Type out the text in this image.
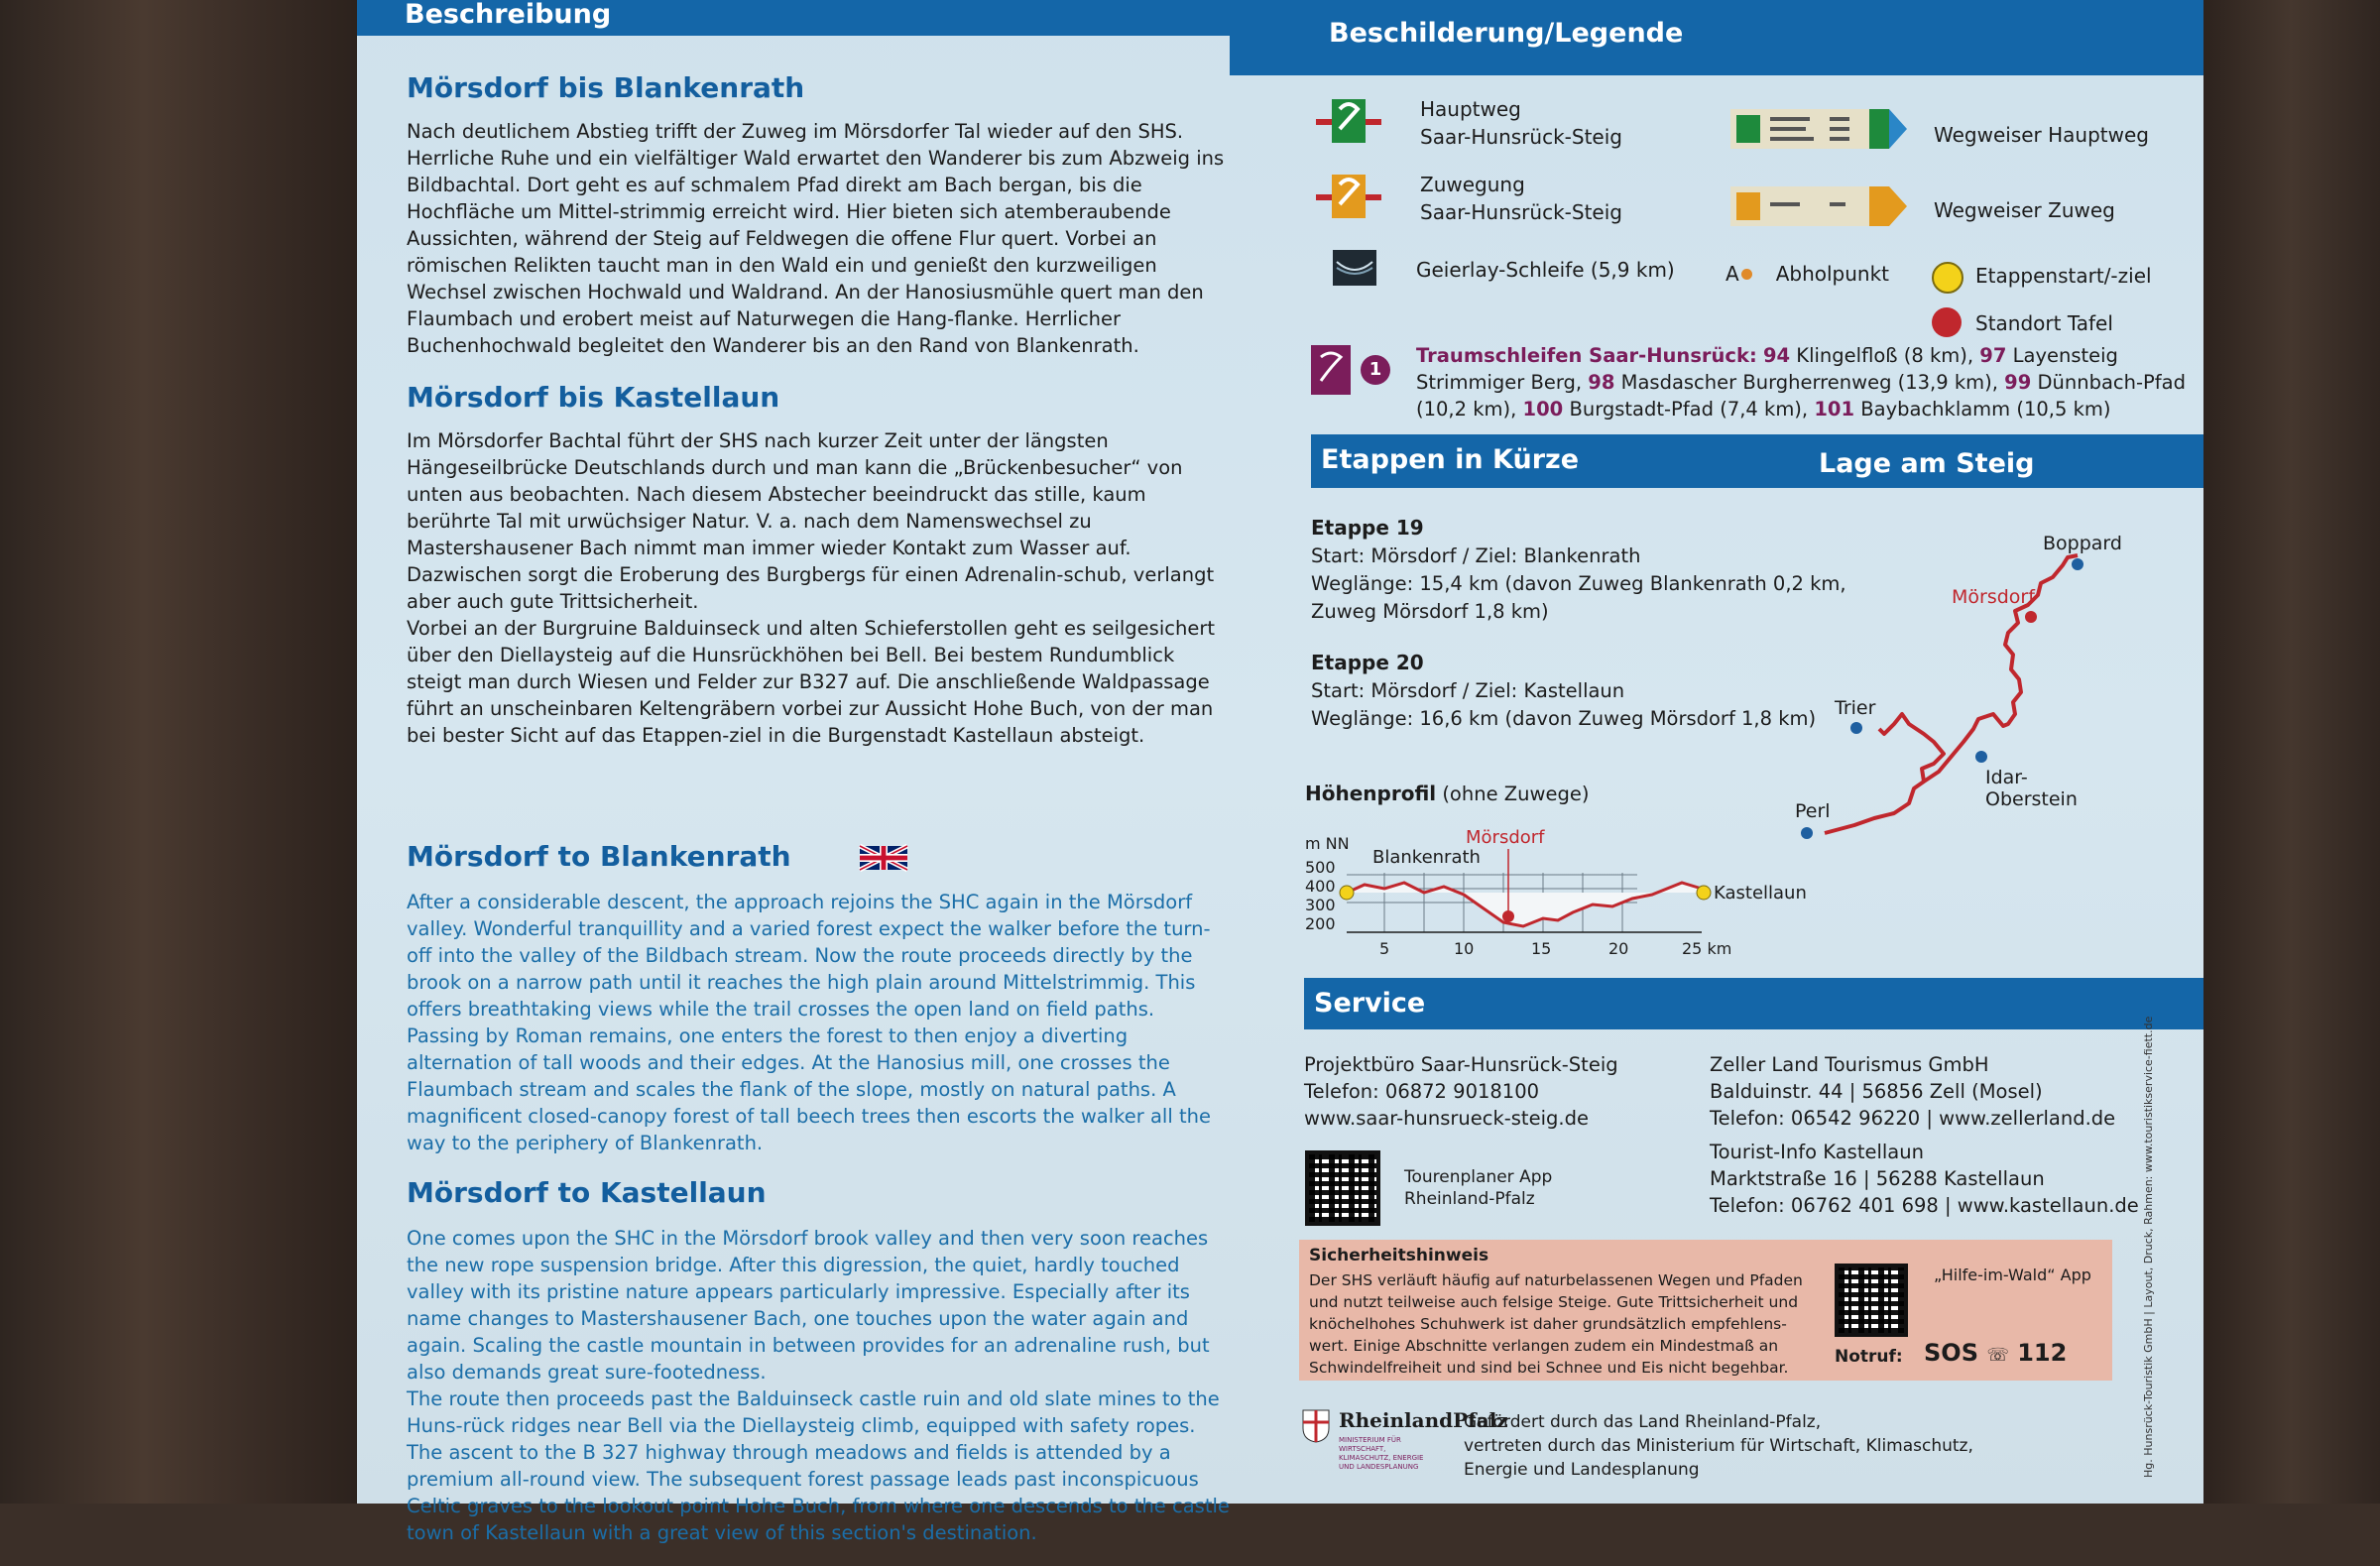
Beschreibung
Beschilderung/Legende
Mörsdorf bis Blankenrath

Nach deutlichem Abstieg trifft der Zuweg im Mörsdorfer Tal wieder auf den SHS. Herrliche Ruhe und ein vielfältiger Wald erwartet den Wanderer bis zum Abzweig ins Bildbachtal. Dort geht es auf schmalem Pfad direkt am Bach bergan, bis die Hochfläche um Mittel-strimmig erreicht wird. Hier bieten sich atemberaubende Aussichten, während der Steig auf Feldwegen die offene Flur quert. Vorbei an römischen Relikten taucht man in den Wald ein und genießt den kurzweiligen Wechsel zwischen Hochwald und Waldrand. An der Hanosiusmühle quert man den Flaumbach und erobert meist auf Naturwegen die Hang-flanke. Herrlicher Buchenhochwald begleitet den Wanderer bis an den Rand von Blankenrath.

Mörsdorf bis Kastellaun

Im Mörsdorfer Bachtal führt der SHS nach kurzer Zeit unter der längsten Hängeseilbrücke Deutschlands durch und man kann die „Brückenbesucher“ von unten aus beobachten. Nach diesem Abstecher beeindruckt das stille, kaum berührte Tal mit urwüchsiger Natur. V. a. nach dem Namenswechsel zu Mastershausener Bach nimmt man immer wieder Kontakt zum Wasser auf. Dazwischen sorgt die Eroberung des Burgbergs für einen Adrenalin-schub, verlangt aber auch gute Trittsicherheit.

Vorbei an der Burgruine Balduinseck und alten Schieferstollen geht es seilgesichert über den Diellaysteig auf die Hunsrückhöhen bei Bell. Bei bestem Rundumblick steigt man durch Wiesen und Felder zur B327 auf. Die anschließende Waldpassage führt an unscheinbaren Keltengräbern vorbei zur Aussicht Hohe Buch, von der man bei bester Sicht auf das Etappen-ziel in die Burgenstadt Kastellaun absteigt.

Mörsdorf to Blankenrath

After a considerable descent, the approach rejoins the SHC again in the Mörsdorf valley. Wonderful tranquillity and a varied forest expect the walker before the turn-off into the valley of the Bildbach stream. Now the route proceeds directly by the brook on a narrow path until it reaches the high plain around Mittelstrimmig. This offers breathtaking views while the trail crosses the open land on field paths. Passing by Roman remains, one enters the forest to then enjoy a diverting alternation of tall woods and their edges. At the Hanosius mill, one crosses the Flaumbach stream and scales the flank of the slope, mostly on natural paths. A magnificent closed-canopy forest of tall beech trees then escorts the walker all the way to the periphery of Blankenrath.

Mörsdorf to Kastellaun

One comes upon the SHC in the Mörsdorf brook valley and then very soon reaches the new rope suspension bridge. After this digression, the quiet, hardly touched valley with its pristine nature appears particularly impressive. Especially after its name changes to Mastershausener Bach, one touches upon the water again and again. Scaling the castle mountain in between provides for an adrenaline rush, but also demands great sure-footedness.

The route then proceeds past the Balduinseck castle ruin and old slate mines to the Huns-rück ridges near Bell via the Diellaysteig climb, equipped with safety ropes. The ascent to the B 327 highway through meadows and fields is attended by a premium all-round view. The subsequent forest passage leads past inconspicuous Celtic graves to the lookout point Hohe Buch, from where one descends to the castle town of Kastellaun with a great view of this section's destination.

Hauptweg
Saar-Hunsrück-Steig
Zuwegung
Saar-Hunsrück-Steig
Geierlay-Schleife (5,9 km)	A Abholpunkt
Wegweiser Hauptweg
Wegweiser Zuweg
Etappenstart/-ziel
Standort Tafel
1
Traumschleifen Saar-Hunsrück: 94 Klingelfloß (8 km), 97 Layensteig Strimmiger Berg, 98 Masdascher Burgherrenweg (13,9 km), 99 Dünnbach-Pfad (10,2 km), 100 Burgstadt-Pfad (7,4 km), 101 Baybachklamm (10,5 km)
Etappen in Kürze	Lage am Steig
Etappe 19
Start: Mörsdorf / Ziel: Blankenrath
Weglänge: 15,4 km (davon Zuweg Blankenrath 0,2 km,
Zuweg Mörsdorf 1,8 km)
Etappe 20
Start: Mörsdorf / Ziel: Kastellaun
Weglänge: 16,6 km (davon Zuweg Mörsdorf 1,8 km)
Boppard
Mörsdorf
Trier
Idar-
Oberstein
Perl
Höhenprofil (ohne Zuwege)
m NN
500
400
300
200
Blankenrath
Mörsdorf
Kastellaun
5	10	15	20	25 km
Service
Projektbüro Saar-Hunsrück-Steig
Telefon: 06872 9018100
www.saar-hunsrueck-steig.de
Zeller Land Tourismus GmbH
Balduinstr. 44 | 56856 Zell (Mosel)
Telefon: 06542 96220 | www.zellerland.de
Tourist-Info Kastellaun
Marktstraße 16 | 56288 Kastellaun
Telefon: 06762 401 698 | www.kastellaun.de
Tourenplaner App
Rheinland-Pfalz
Sicherheitshinweis
Der SHS verläuft häufig auf naturbelassenen Wegen und Pfaden und nutzt teilweise auch felsige Steige. Gute Trittsicherheit und knöchelhohes Schuhwerk ist daher grundsätzlich empfehlens-wert. Einige Abschnitte verlangen zudem ein Mindestmaß an Schwindelfreiheit und sind bei Schnee und Eis nicht begehbar.
„Hilfe-im-Wald“ App
Notruf: SOS ☏ 112
RheinlandPfalz
MINISTERIUM FÜR WIRTSCHAFT, KLIMASCHUTZ, ENERGIE UND LANDESPLANUNG
Gefördert durch das Land Rheinland-Pfalz,
vertreten durch das Ministerium für Wirtschaft, Klimaschutz,
Energie und Landesplanung	Hg. Hunsrück-Touristik GmbH | Layout, Druck, Rahmen: www.touristikservice-fiett.de
